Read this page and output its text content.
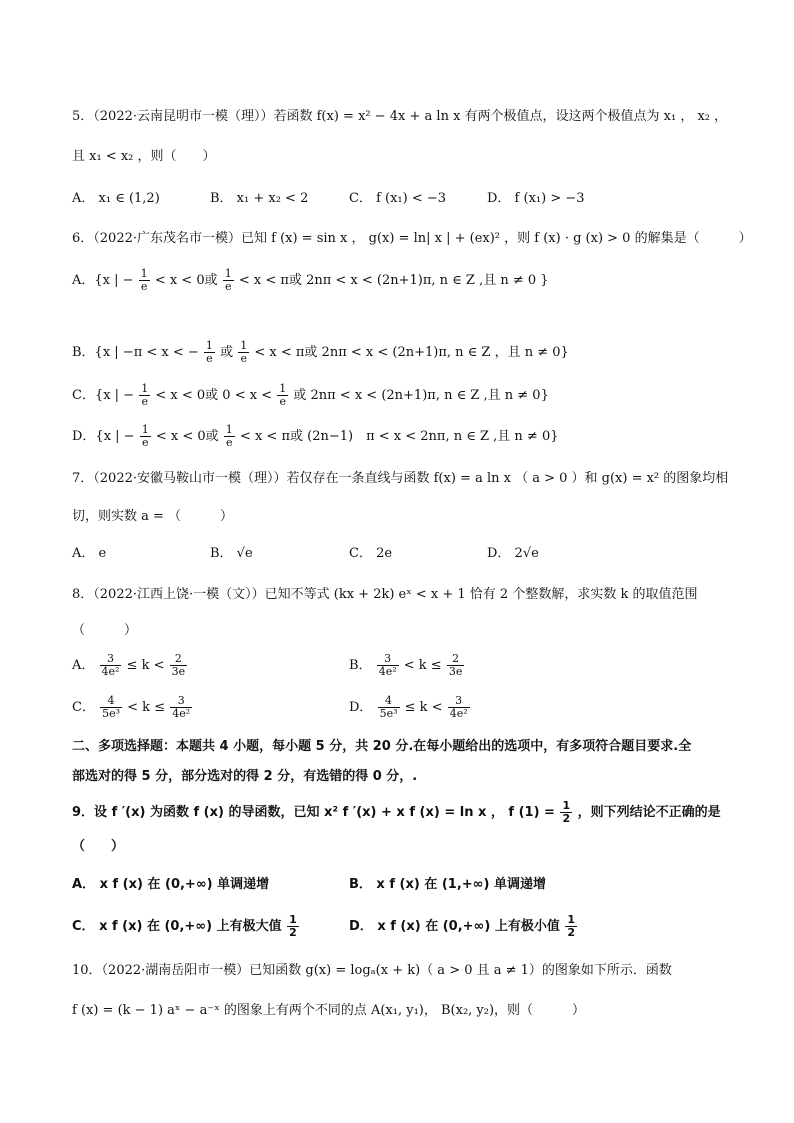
5．（2022·云南昆明市一模（理））若函数 f(x) = x² − 4x + a ln x 有两个极值点，设这两个极值点为 x₁ ， x₂ ，
且 x₁ < x₂ ，则（　　）
A． x₁ ∈ (1,2)	B． x₁ + x₂ < 2	C． f (x₁) < −3	D． f (x₁) > −3
6．（2022·广东茂名市一模）已知 f (x) = sin x ， g(x) = ln| x | + (ex)² ，则 f (x) · g (x) > 0 的解集是（　　　）
A．{x | − $\frac{1}{e} < x < 0$或 $\frac{1}{e} < x < \pi$或 2nπ < x < (2n+1)π, n ∈ Z ,且 n ≠ 0 }
B．{x | −π < x < − $\frac{1}{e}$ 或 $\frac{1}{e} < x < \pi$或 2nπ < x < (2n+1)π, n ∈ Z ，且 n ≠ 0}
C．{x | − $\frac{1}{e} < x < 0$或 $0 < x < \frac{1}{e}$ 或 2nπ < x < (2n+1)π, n ∈ Z ,且 n ≠ 0}
D．{x | − $\frac{1}{e} < x < 0$或 $\frac{1}{e} < x < \pi$或 (2n−1)　π < x < 2nπ, n ∈ Z ,且 n ≠ 0}
7．（2022·安徽马鞍山市一模（理））若仅存在一条直线与函数 f(x) = a ln x （ a > 0 ）和 g(x) = x² 的图象均相
切，则实数 a = （　　　）
A． e	B． √e	C． 2e	D． 2√e
8．（2022·江西上饶·一模（文））已知不等式 (kx + 2k) eˣ < x + 1 恰有 2 个整数解，求实数 k 的取值范围
（　　　）
A． $\frac{3}{\text{4e²}} \le k < \frac{2}{3e}$	B． $\frac{3}{\text{4e²}} < k \le \frac{2}{3e}$
C． $\frac{4}{\text{5e³}} < k \le \frac{3}{\text{4e²}}$	D． $\frac{4}{\text{5e³}} \le k < \frac{3}{\text{4e²}}$
二、多项选择题：本题共 4 小题，每小题 5 分，共 20 分.在每小题给出的选项中，有多项符合题目要求.全
部选对的得 5 分，部分选对的得 2 分，有选错的得 0 分，.
9．设 f ′(x) 为函数 f (x) 的导函数，已知 x² f ′(x) + x f (x) = ln x ， f $(1) = \frac{1}{2}$ ，则下列结论不正确的是
（　　）
A． x f (x) 在 (0,+∞) 单调递增	B． x f (x) 在 (1,+∞) 单调递增
C． x f (x) 在 (0,+∞) 上有极大值 $\frac{1}{2}$	D． x f (x) 在 (0,+∞) 上有极小值 $\frac{1}{2}$
10．（2022·湖南岳阳市一模）已知函数 g(x) = logₐ(x + k)（ a > 0 且 a ≠ 1）的图象如下所示．函数
f (x) = (k − 1) aˣ − a⁻ˣ 的图象上有两个不同的点 A(x₁, y₁)， B(x₂, y₂)，则（　　　）
